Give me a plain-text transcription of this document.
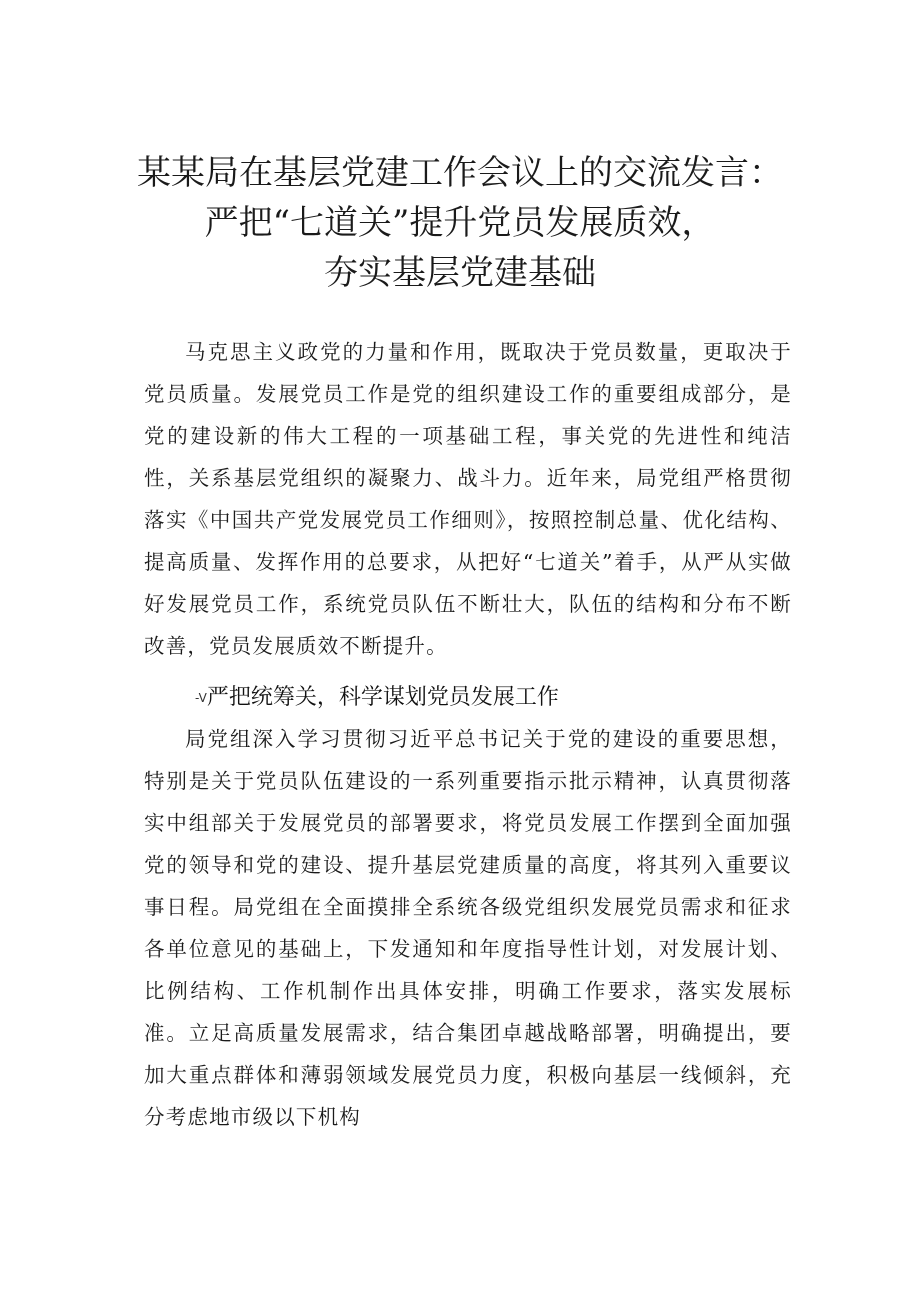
某某局在基层党建工作会议上的交流发言：
严把“七道关”提升党员发展质效，
夯实基层党建基础

马克思主义政党的力量和作用，既取决于党员数量，更取决于党员质量。发展党员工作是党的组织建设工作的重要组成部分，是党的建设新的伟大工程的一项基础工程，事关党的先进性和纯洁性，关系基层党组织的凝聚力、战斗力。近年来，局党组严格贯彻落实《中国共产党发展党员工作细则》，按照控制总量、优化结构、提高质量、发挥作用的总要求，从把好“七道关”着手，从严从实做好发展党员工作，系统党员队伍不断壮大，队伍的结构和分布不断改善，党员发展质效不断提升。

-V严把统筹关，科学谋划党员发展工作

局党组深入学习贯彻习近平总书记关于党的建设的重要思想，特别是关于党员队伍建设的一系列重要指示批示精神，认真贯彻落实中组部关于发展党员的部署要求，将党员发展工作摆到全面加强党的领导和党的建设、提升基层党建质量的高度，将其列入重要议事日程。局党组在全面摸排全系统各级党组织发展党员需求和征求各单位意见的基础上，下发通知和年度指导性计划，对发展计划、比例结构、工作机制作出具体安排，明确工作要求，落实发展标准。立足高质量发展需求，结合集团卓越战略部署，明确提出，要加大重点群体和薄弱领域发展党员力度，积极向基层一线倾斜，充分考虑地市级以下机构
